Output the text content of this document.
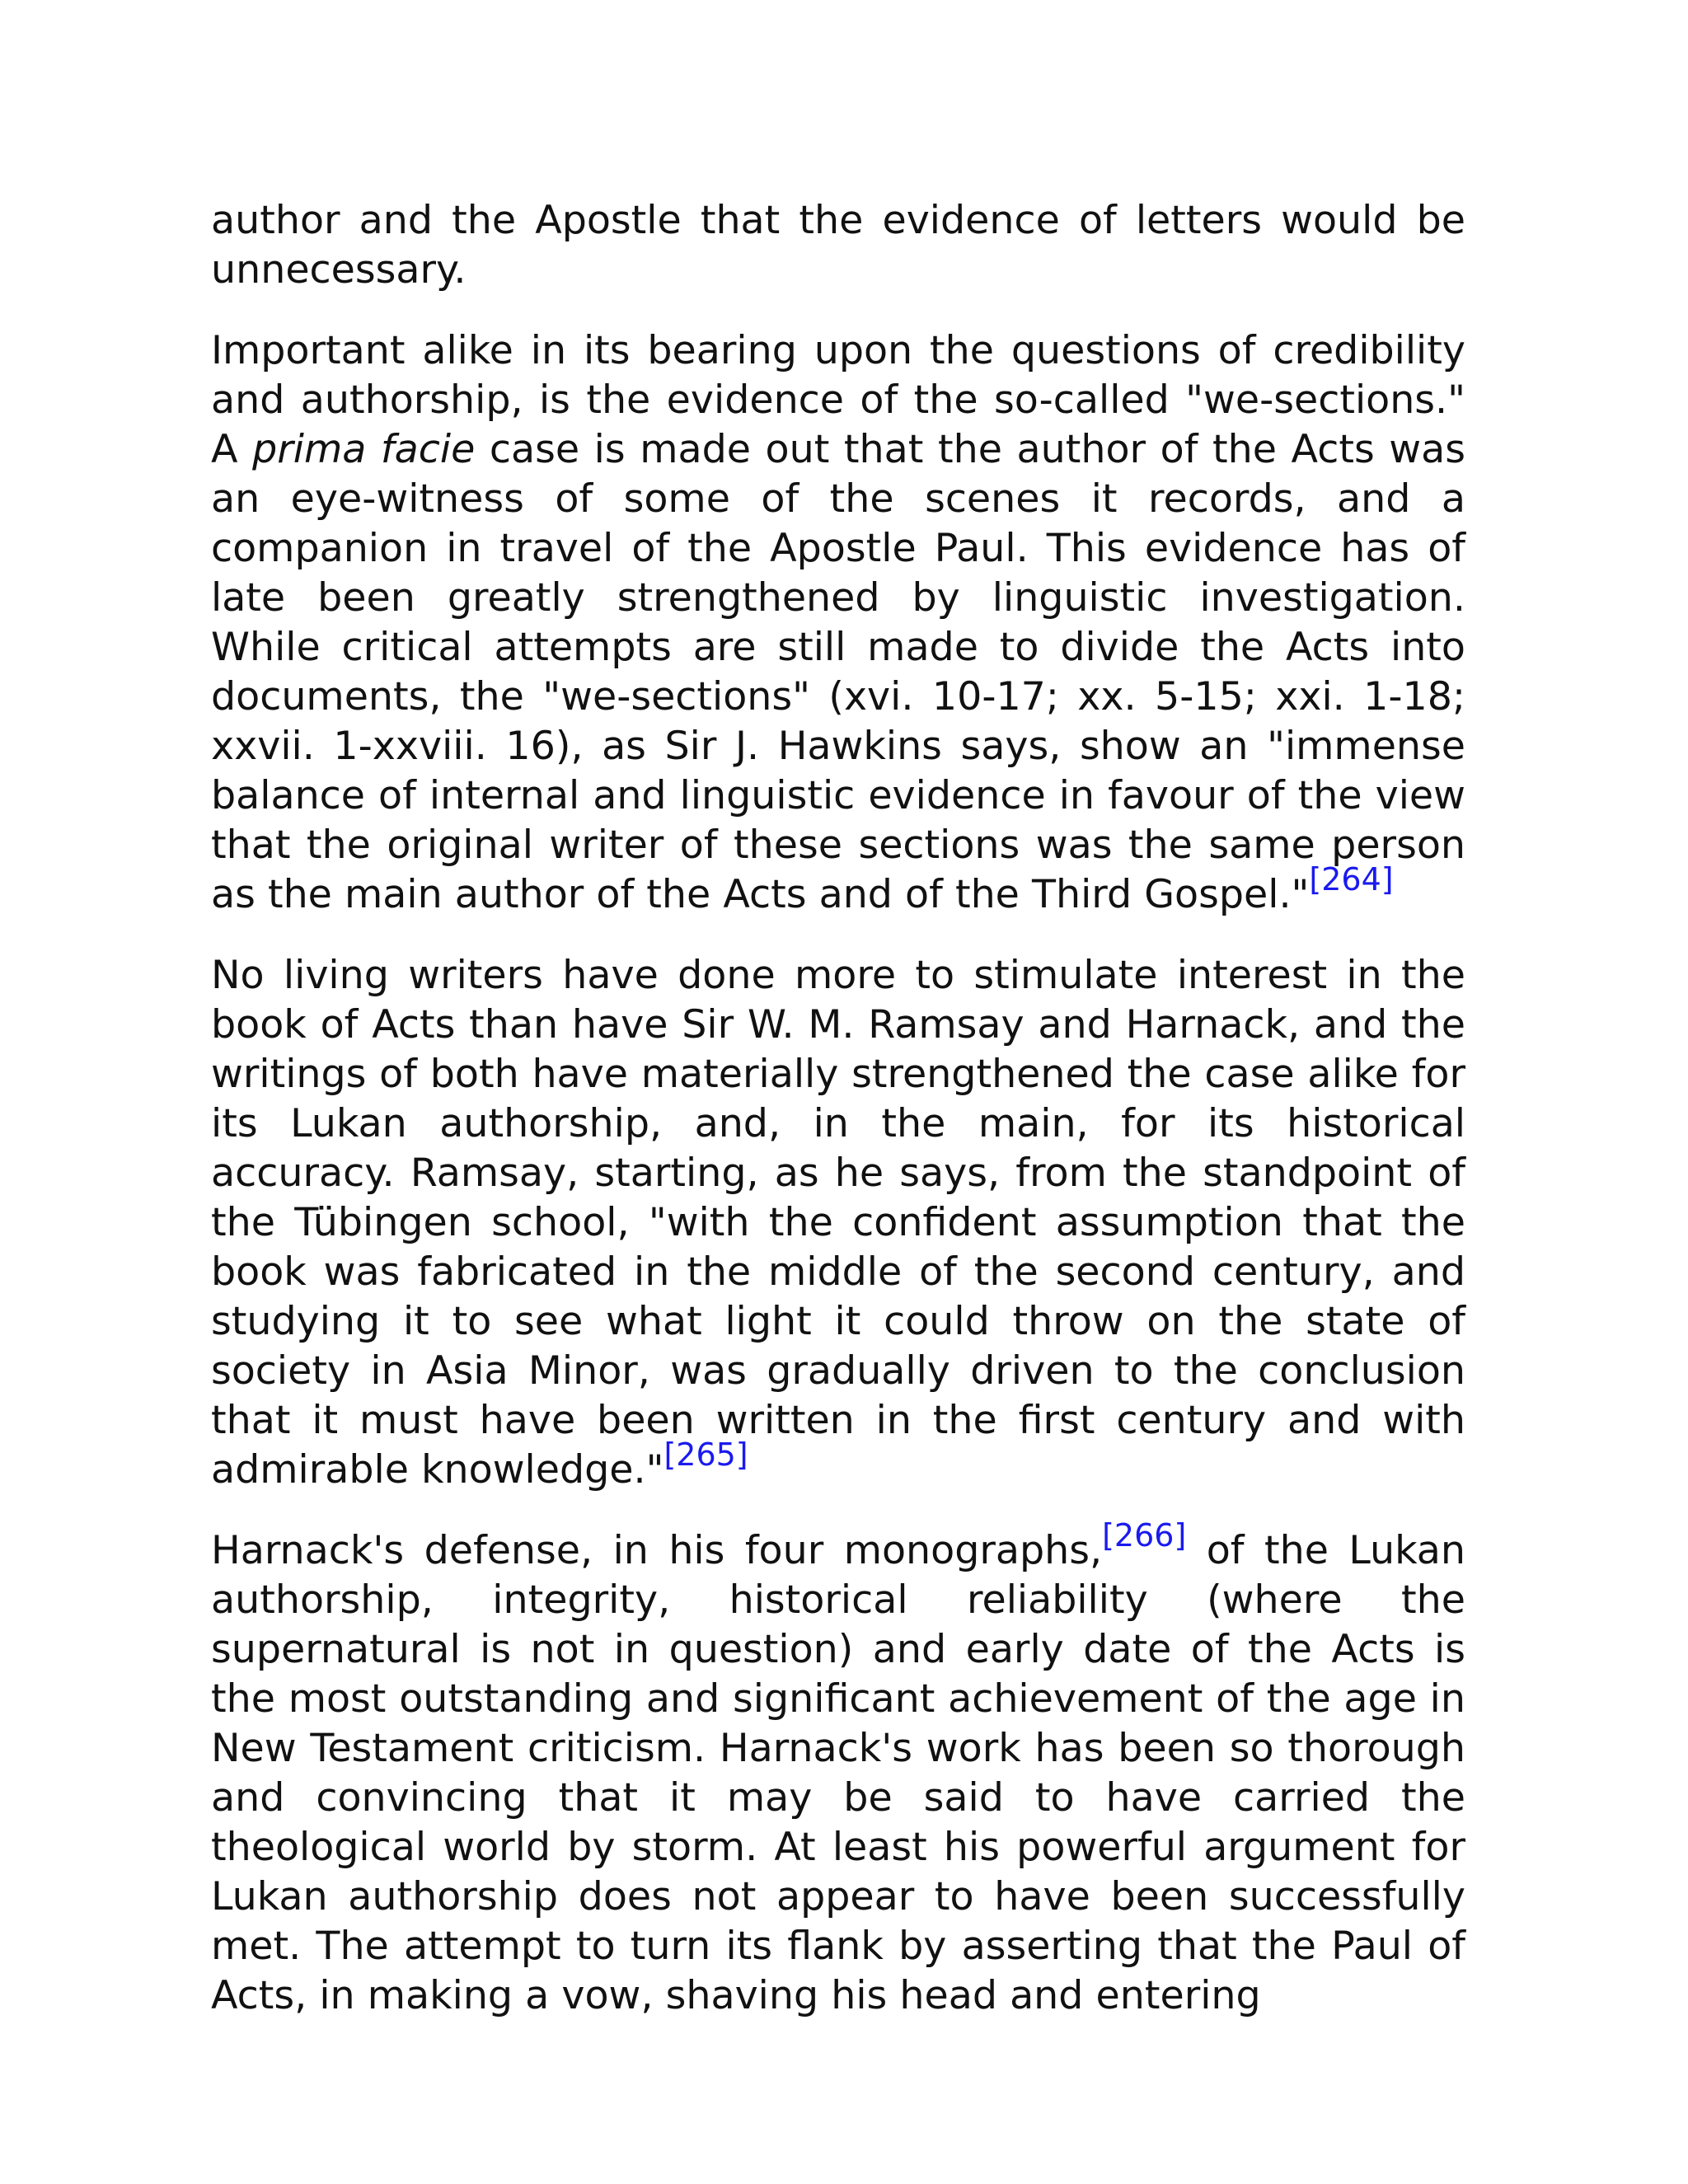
author and the Apostle that the evidence of letters would be unnecessary.

Important alike in its bearing upon the questions of credibility and authorship, is the evidence of the so-called "we-sections." A prima facie case is made out that the author of the Acts was an eye-witness of some of the scenes it records, and a companion in travel of the Apostle Paul. This evidence has of late been greatly strengthened by linguistic investigation. While critical attempts are still made to divide the Acts into documents, the "we-sections" (xvi. 10-17; xx. 5-15; xxi. 1-18; xxvii. 1-xxviii. 16), as Sir J. Hawkins says, show an "immense balance of internal and linguistic evidence in favour of the view that the original writer of these sections was the same person as the main author of the Acts and of the Third Gospel."[264]

No living writers have done more to stimulate interest in the book of Acts than have Sir W. M. Ramsay and Harnack, and the writings of both have materially strengthened the case alike for its Lukan authorship, and, in the main, for its historical accuracy. Ramsay, starting, as he says, from the standpoint of the Tübingen school, "with the confident assumption that the book was fabricated in the middle of the second century, and studying it to see what light it could throw on the state of society in Asia Minor, was gradually driven to the conclusion that it must have been written in the first century and with admirable knowledge."[265]

Harnack's defense, in his four monographs,[266] of the Lukan authorship, integrity, historical reliability (where the supernatural is not in question) and early date of the Acts is the most outstanding and significant achievement of the age in New Testament criticism. Harnack's work has been so thorough and convincing that it may be said to have carried the theological world by storm. At least his powerful argument for Lukan authorship does not appear to have been successfully met. The attempt to turn its flank by asserting that the Paul of Acts, in making a vow, shaving his head and entering
